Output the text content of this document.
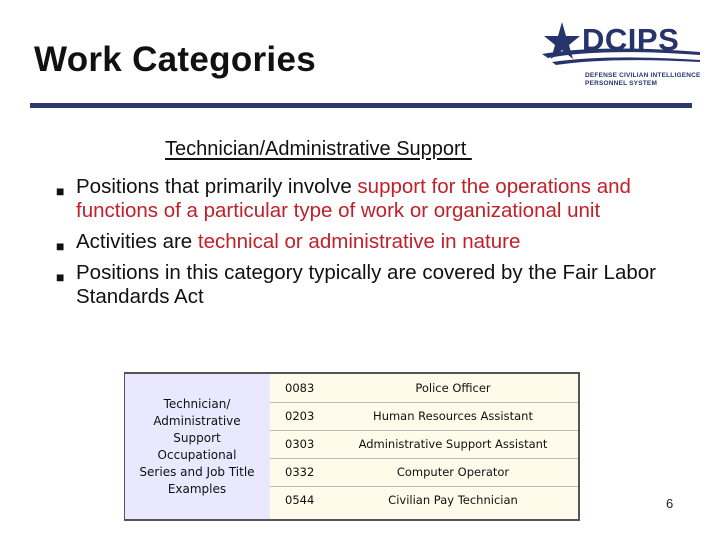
Work Categories
DCIPS
DEFENSE CIVILIAN INTELLIGENCE
PERSONNEL SYSTEM
Technician/Administrative Support
■ Positions that primarily involve support for the operations and functions of a particular type of work or organizational unit
■ Activities are technical or administrative in nature
■ Positions in this category typically are covered by the Fair Labor Standards Act
Technician/
Administrative
Support
Occupational
Series and Job Title
Examples
0083	Police Officer
0203	Human Resources Assistant
0303	Administrative Support Assistant
0332	Computer Operator
0544	Civilian Pay Technician	6
